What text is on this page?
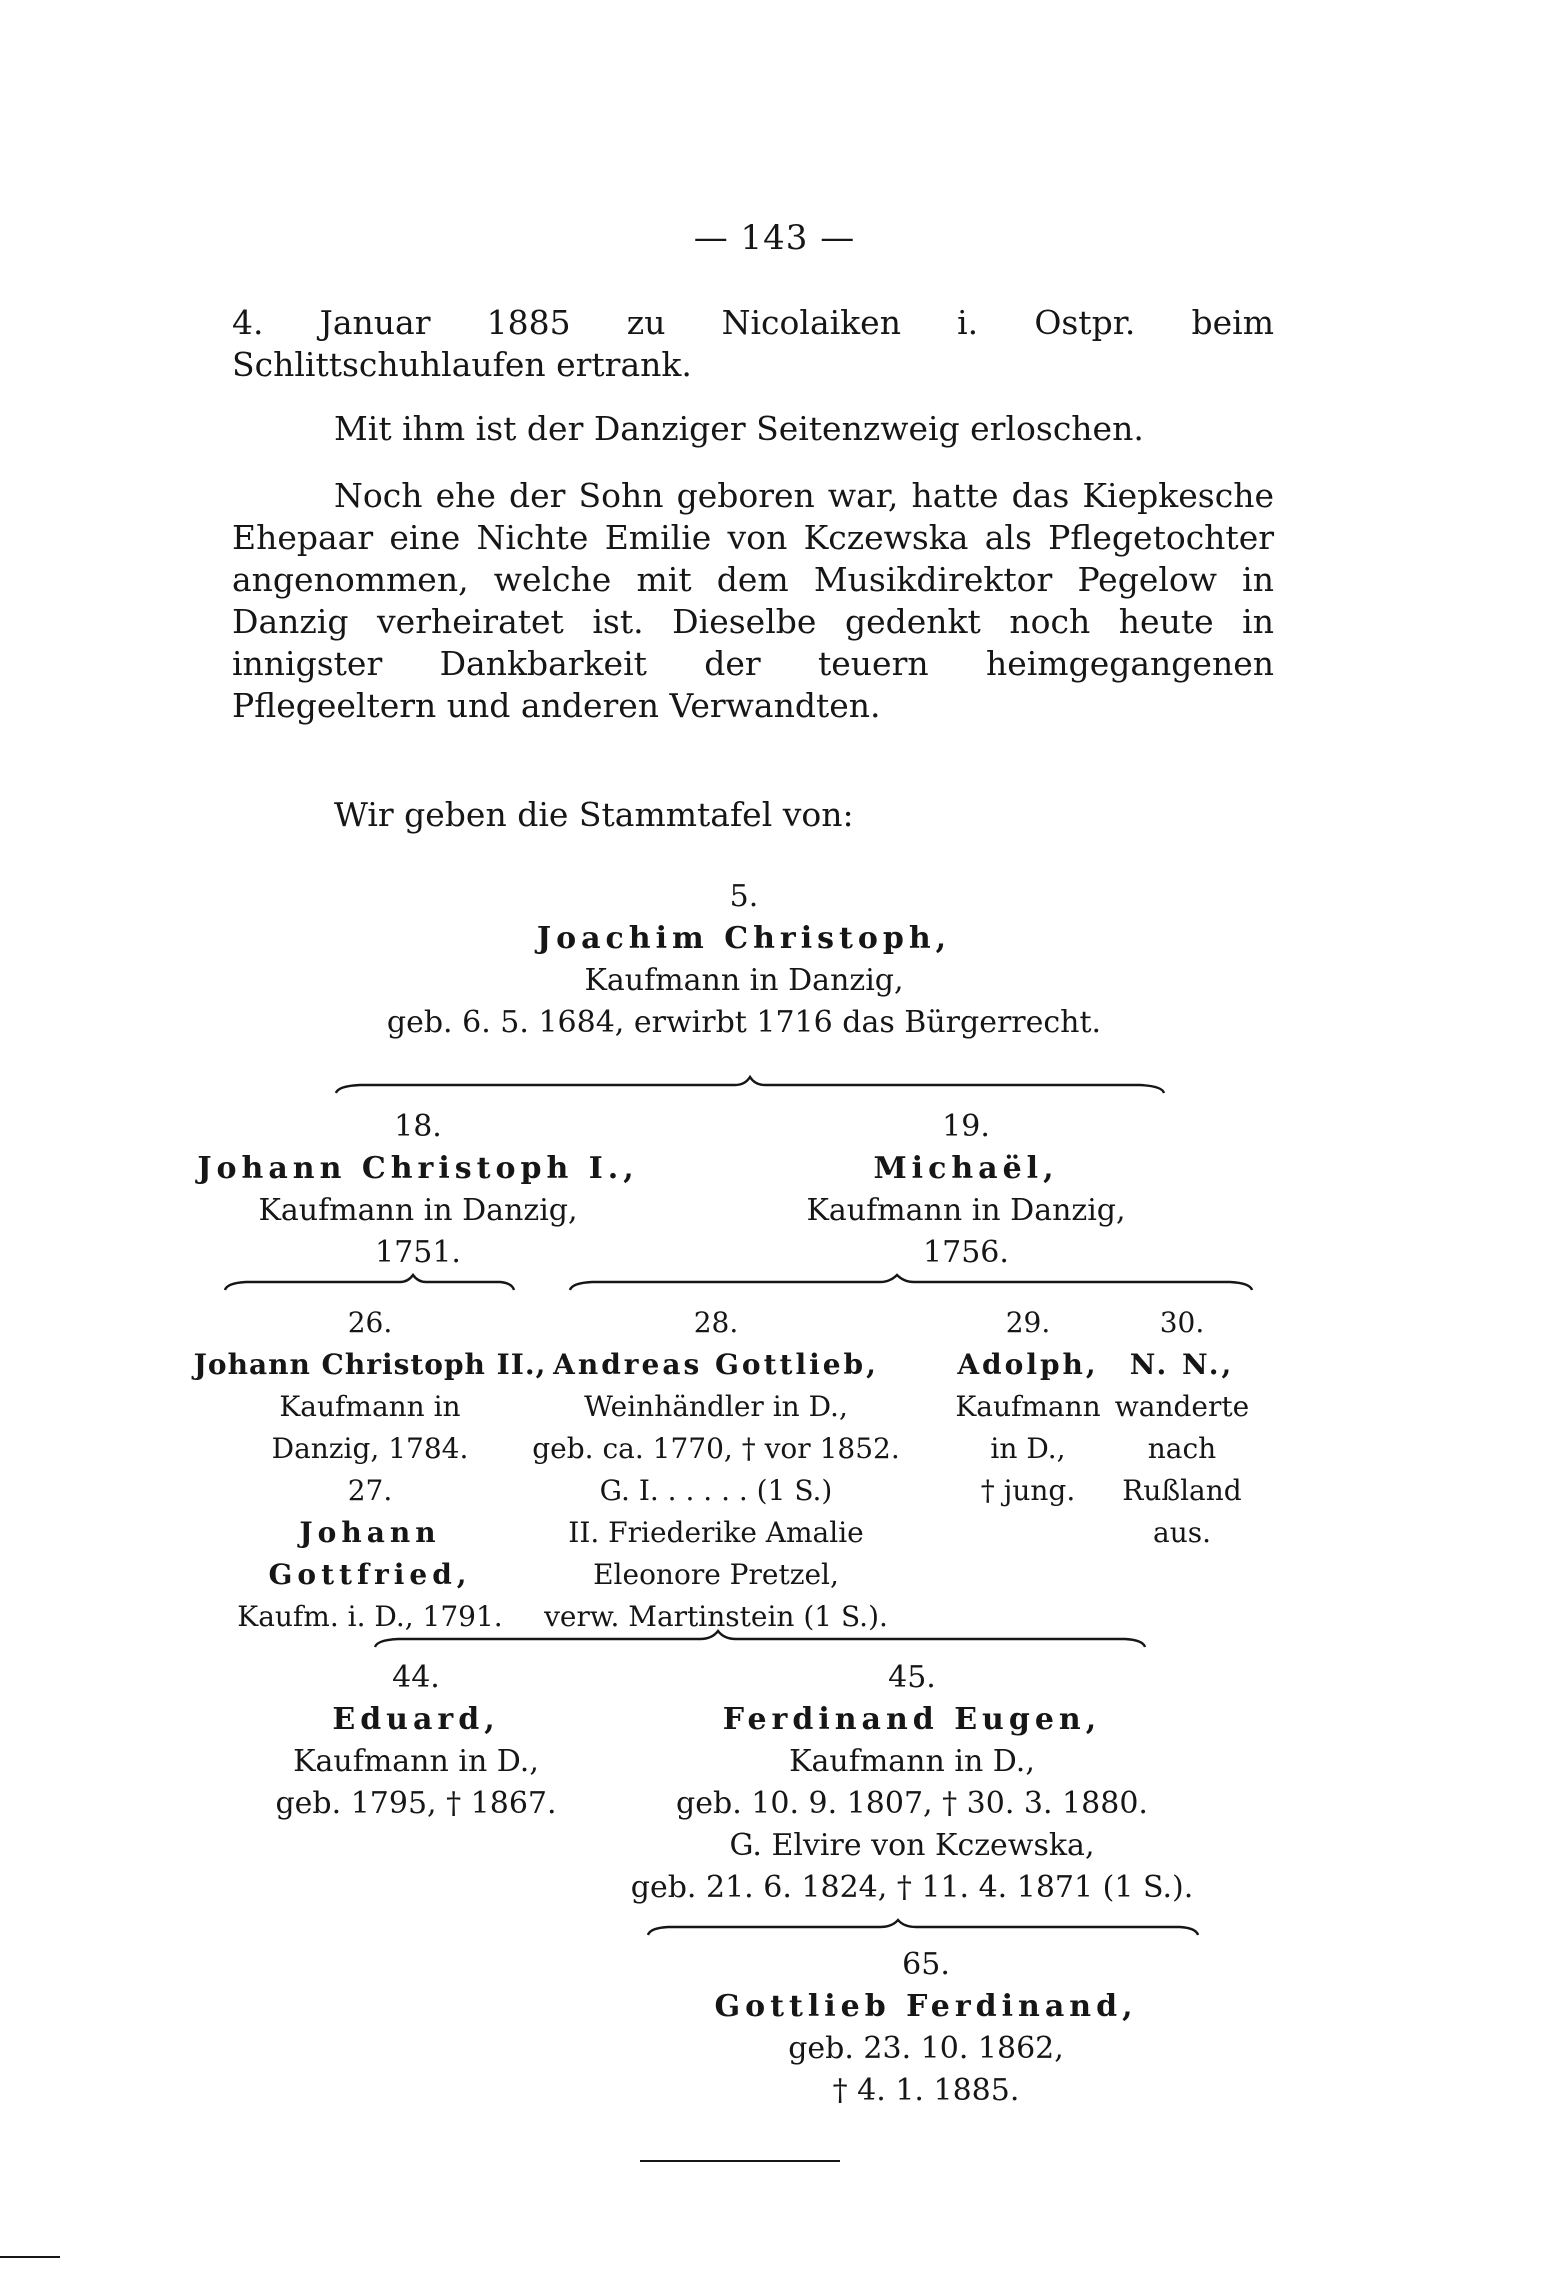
— 143 —

4. Januar 1885 zu Nicolaiken i. Ostpr. beim Schlittschuhlaufen ertrank.

Mit ihm ist der Danziger Seitenzweig erloschen.

Noch ehe der Sohn geboren war, hatte das Kiepkesche Ehepaar eine Nichte Emilie von Kczewska als Pflegetochter angenommen, welche mit dem Musikdirektor Pegelow in Danzig verheiratet ist. Dieselbe gedenkt noch heute in innigster Dankbarkeit der teuern heimgegangenen Pflegeeltern und anderen Verwandten.

Wir geben die Stammtafel von:

5.
Joachim Christoph,
Kaufmann in Danzig,
geb. 6. 5. 1684, erwirbt 1716 das Bürgerrecht.
18.
Johann Christoph I.,
Kaufmann in Danzig,
1751.
19.
Michaël,
Kaufmann in Danzig,
1756.
26.
Johann Christoph II.,
Kaufmann in
Danzig, 1784.
27.
Johann
Gottfried,
Kaufm. i. D., 1791.
28.
Andreas Gottlieb,
Weinhändler in D.,
geb. ca. 1770, † vor 1852.
G. I. . . . . . (1 S.)
II. Friederike Amalie
Eleonore Pretzel,
verw. Martinstein (1 S.).
29.
Adolph,
Kaufmann
in D.,
† jung.
30.
N. N.,
wanderte
nach
Rußland
aus.
44.
Eduard,
Kaufmann in D.,
geb. 1795, † 1867.
45.
Ferdinand Eugen,
Kaufmann in D.,
geb. 10. 9. 1807, † 30. 3. 1880.
G. Elvire von Kczewska,
geb. 21. 6. 1824, † 11. 4. 1871 (1 S.).
65.
Gottlieb Ferdinand,
geb. 23. 10. 1862,
† 4. 1. 1885.
